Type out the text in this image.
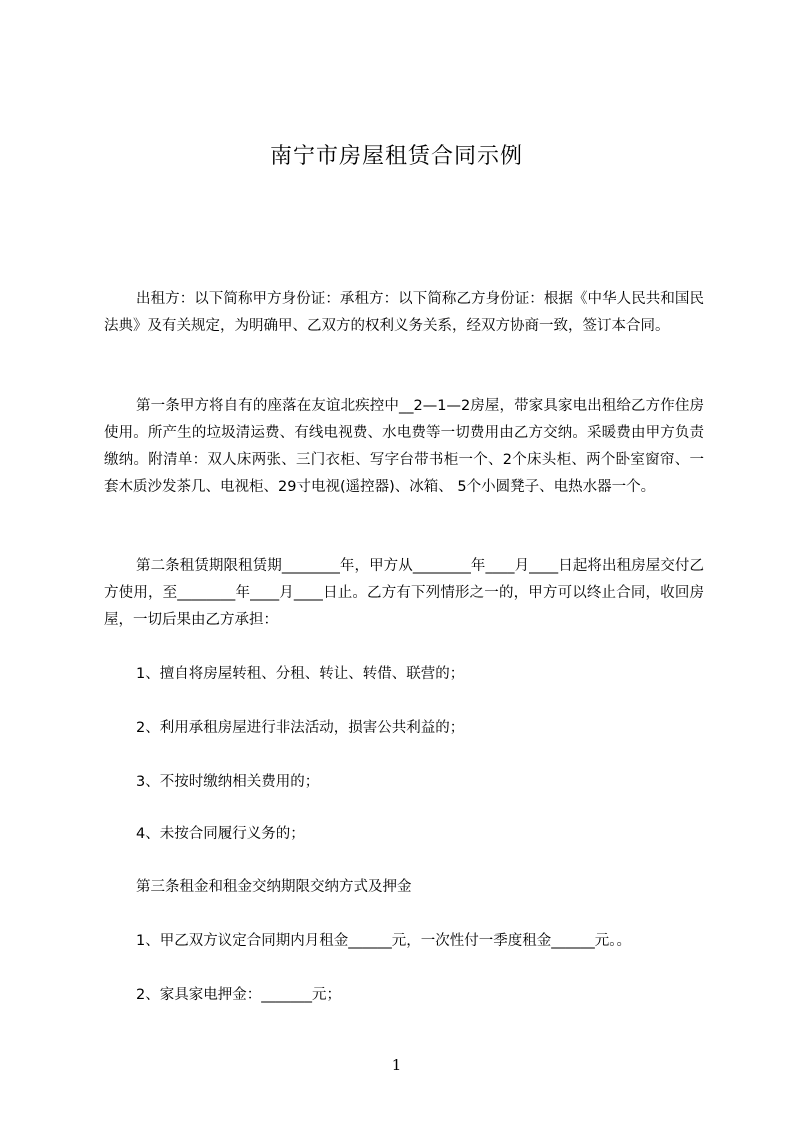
南宁市房屋租赁合同示例

出租方：以下简称甲方身份证：承租方：以下简称乙方身份证：根据《中华人民共和国民法典》及有关规定，为明确甲、乙双方的权利义务关系，经双方协商一致，签订本合同。

第一条甲方将自有的座落在友谊北疾控中__2—1—2房屋，带家具家电出租给乙方作住房使用。所产生的垃圾清运费、有线电视费、水电费等一切费用由乙方交纳。采暖费由甲方负责缴纳。附清单：双人床两张、三门衣柜、写字台带书柜一个、2个床头柜、两个卧室窗帘、一套木质沙发茶几、电视柜、29寸电视(遥控器)、冰箱、 5个小圆凳子、电热水器一个。

第二条租赁期限租赁期________年，甲方从________年____月____日起将出租房屋交付乙方使用，至________年____月____日止。乙方有下列情形之一的，甲方可以终止合同，收回房屋，一切后果由乙方承担：

1、擅自将房屋转租、分租、转让、转借、联营的；

2、利用承租房屋进行非法活动，损害公共利益的；

3、不按时缴纳相关费用的；

4、未按合同履行义务的；

第三条租金和租金交纳期限交纳方式及押金

1、甲乙双方议定合同期内月租金______元，一次性付一季度租金______元。。

2、家具家电押金：_______元；

1
